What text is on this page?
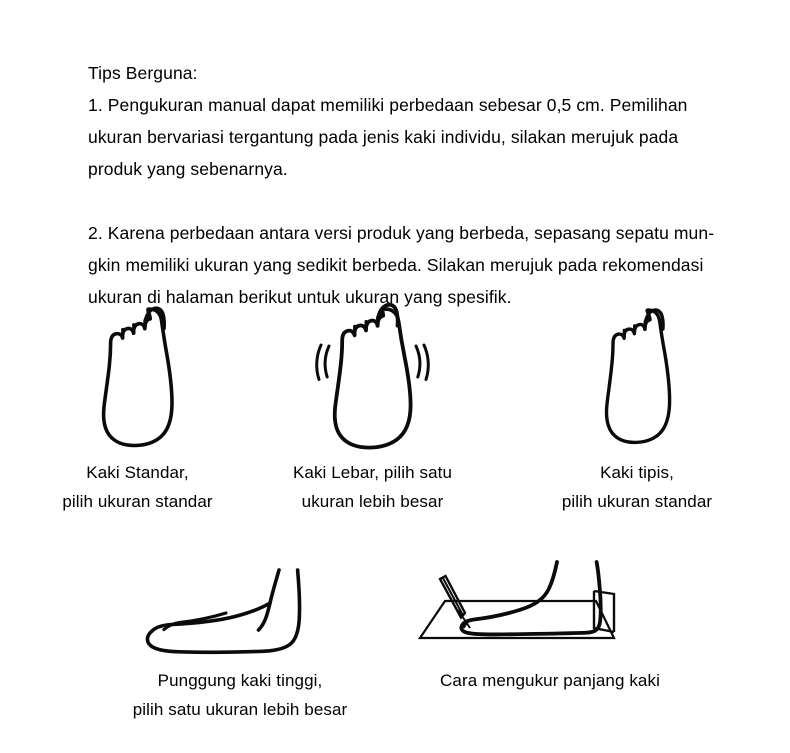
Tips Berguna:
1. Pengukuran manual dapat memiliki perbedaan sebesar 0,5 cm. Pemilihan
ukuran bervariasi tergantung pada jenis kaki individu, silakan merujuk pada
produk yang sebenarnya.
2. Karena perbedaan antara versi produk yang berbeda, sepasang sepatu mun-
gkin memiliki ukuran yang sedikit berbeda. Silakan merujuk pada rekomendasi
ukuran di halaman berikut untuk ukuran yang spesifik.
Kaki Standar,
pilih ukuran standar
Kaki Lebar, pilih satu
ukuran lebih besar
Kaki tipis,
pilih ukuran standar
Punggung kaki tinggi,
pilih satu ukuran lebih besar
Cara mengukur panjang kaki
